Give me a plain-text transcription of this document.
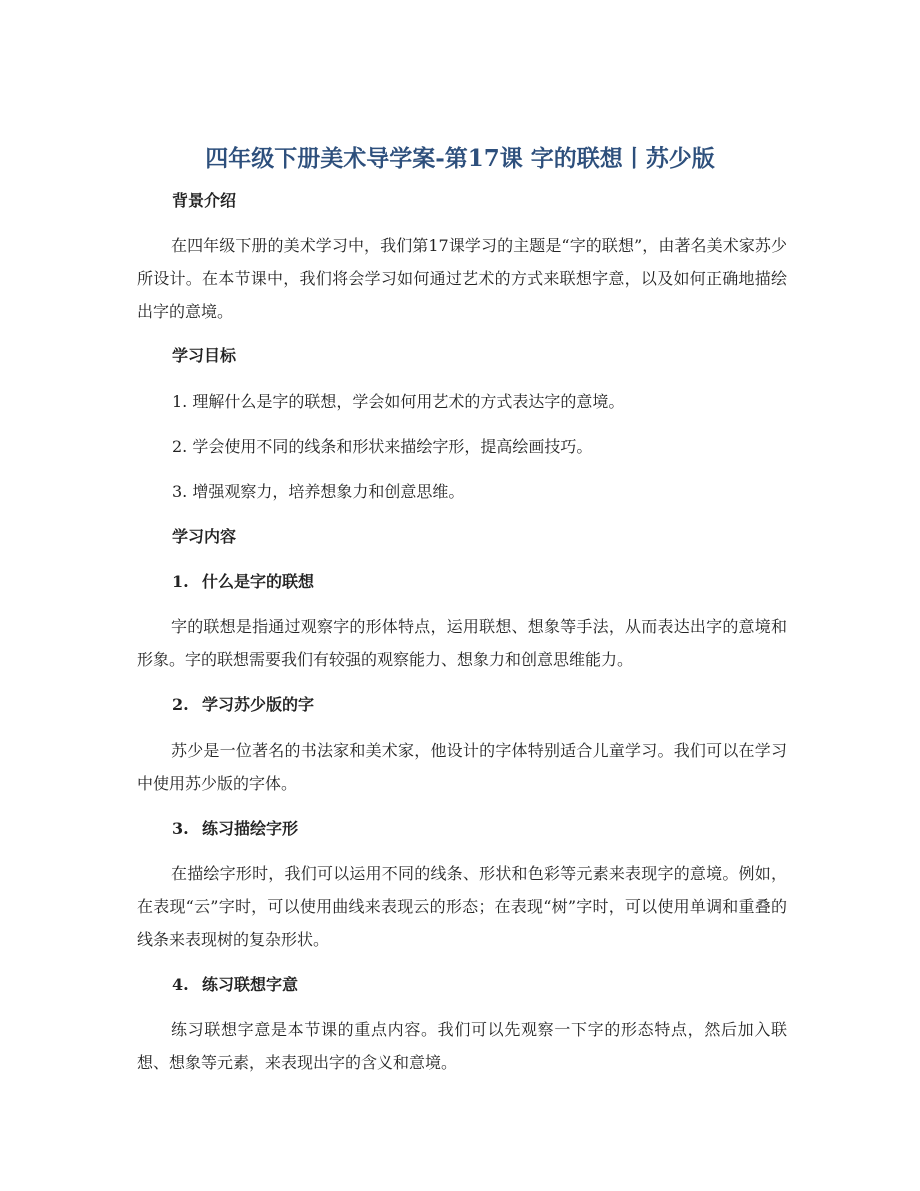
四年级下册美术导学案-第17课 字的联想丨苏少版
背景介绍
在四年级下册的美术学习中，我们第17课学习的主题是“字的联想”，由著名美术家苏少所设计。在本节课中，我们将会学习如何通过艺术的方式来联想字意，以及如何正确地描绘出字的意境。
学习目标
1. 理解什么是字的联想，学会如何用艺术的方式表达字的意境。
2. 学会使用不同的线条和形状来描绘字形，提高绘画技巧。
3. 增强观察力，培养想象力和创意思维。
学习内容
1. 什么是字的联想
字的联想是指通过观察字的形体特点，运用联想、想象等手法，从而表达出字的意境和形象。字的联想需要我们有较强的观察能力、想象力和创意思维能力。
2. 学习苏少版的字
苏少是一位著名的书法家和美术家，他设计的字体特别适合儿童学习。我们可以在学习中使用苏少版的字体。
3. 练习描绘字形
在描绘字形时，我们可以运用不同的线条、形状和色彩等元素来表现字的意境。例如，在表现“云”字时，可以使用曲线来表现云的形态；在表现“树”字时，可以使用单调和重叠的线条来表现树的复杂形状。
4. 练习联想字意
练习联想字意是本节课的重点内容。我们可以先观察一下字的形态特点，然后加入联想、想象等元素，来表现出字的含义和意境。
